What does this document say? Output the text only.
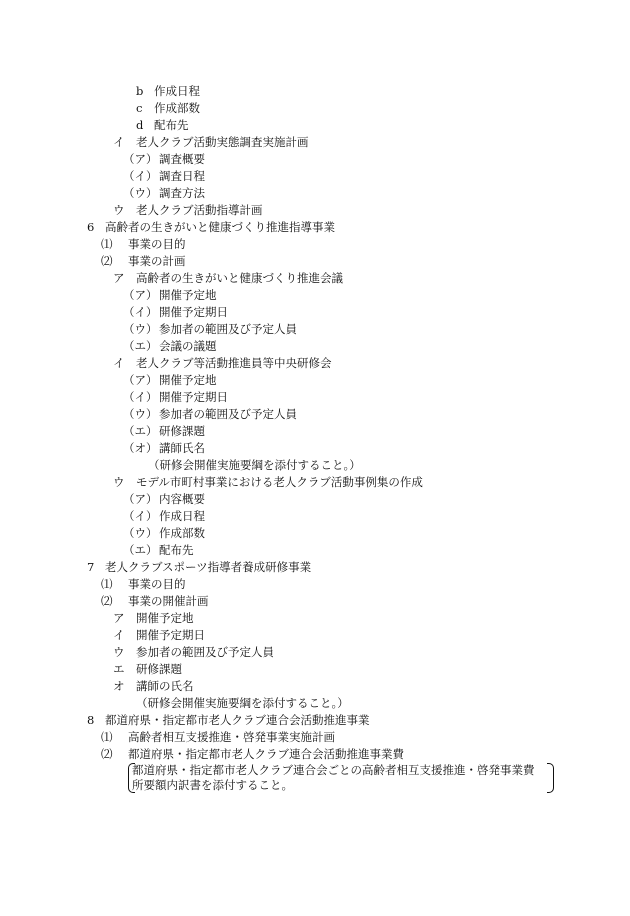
b 作成日程
c 作成部数
d 配布先
イ 老人クラブ活動実態調査実施計画
（ア） 調査概要
（イ） 調査日程
（ウ） 調査方法
ウ 老人クラブ活動指導計画
6 高齢者の生きがいと健康づくり推進指導事業
⑴ 事業の目的
⑵ 事業の計画
ア 高齢者の生きがいと健康づくり推進会議
（ア） 開催予定地
（イ） 開催予定期日
（ウ） 参加者の範囲及び予定人員
（エ） 会議の議題
イ 老人クラブ等活動推進員等中央研修会
（ア） 開催予定地
（イ） 開催予定期日
（ウ） 参加者の範囲及び予定人員
（エ） 研修課題
（オ） 講師氏名
（研修会開催実施要綱を添付すること。）
ウ モデル市町村事業における老人クラブ活動事例集の作成
（ア） 内容概要
（イ） 作成日程
（ウ） 作成部数
（エ） 配布先
7 老人クラブスポーツ指導者養成研修事業
⑴ 事業の目的
⑵ 事業の開催計画
ア 開催予定地
イ 開催予定期日
ウ 参加者の範囲及び予定人員
エ 研修課題
オ 講師の氏名
（研修会開催実施要綱を添付すること。）
8 都道府県・指定都市老人クラブ連合会活動推進事業
⑴ 高齢者相互支援推進・啓発事業実施計画
⑵ 都道府県・指定都市老人クラブ連合会活動推進事業費
都道府県・指定都市老人クラブ連合会ごとの高齢者相互支援推進・啓発事業費
所要額内訳書を添付すること。
